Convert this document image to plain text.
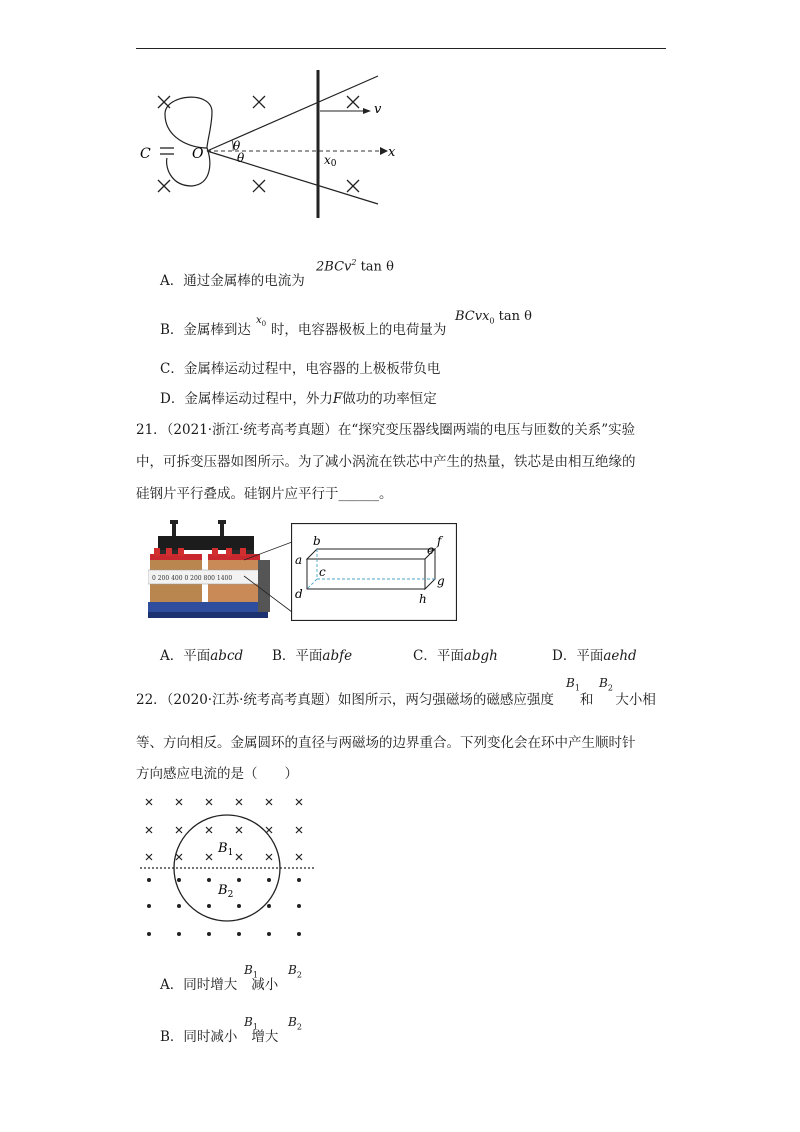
C	O θ
θ	x0
v
x
A．通过金属棒的电流为
2BCv$^2$ tan θ
B．金属棒到达 时，电容器极板上的电荷量为
$x_0$	BCvx$_0$ tan θ
C．金属棒运动过程中，电容器的上极板带负电
D．金属棒运动过程中，外力F做功的功率恒定
21．（2021·浙江·统考高考真题）在“探究变压器线圈两端的电压与匝数的关系”实验
中，可拆变压器如图所示。为了减小涡流在铁芯中产生的热量，铁芯是由相互绝缘的
硅钢片平行叠成。硅钢片应平行于______。
0 200 400 0 200 800 1400
a
b
c
d
e
f
g
h
A．平面abcd B．平面abfe	C．平面abgh	D．平面aehd
22．（2020·江苏·统考高考真题）如图所示，两匀强磁场的磁感应强度 和 大小相
$B_1$ $B_2$
等、方向相反。金属圆环的直径与两磁场的边界重合。下列变化会在环中产生顺时针
方向感应电流的是（　　）
$B_1$
$B_2$
A．同时增大 减小
$B_1$	$B_2$
B．同时减小 增大
$B_1$	$B_2$
